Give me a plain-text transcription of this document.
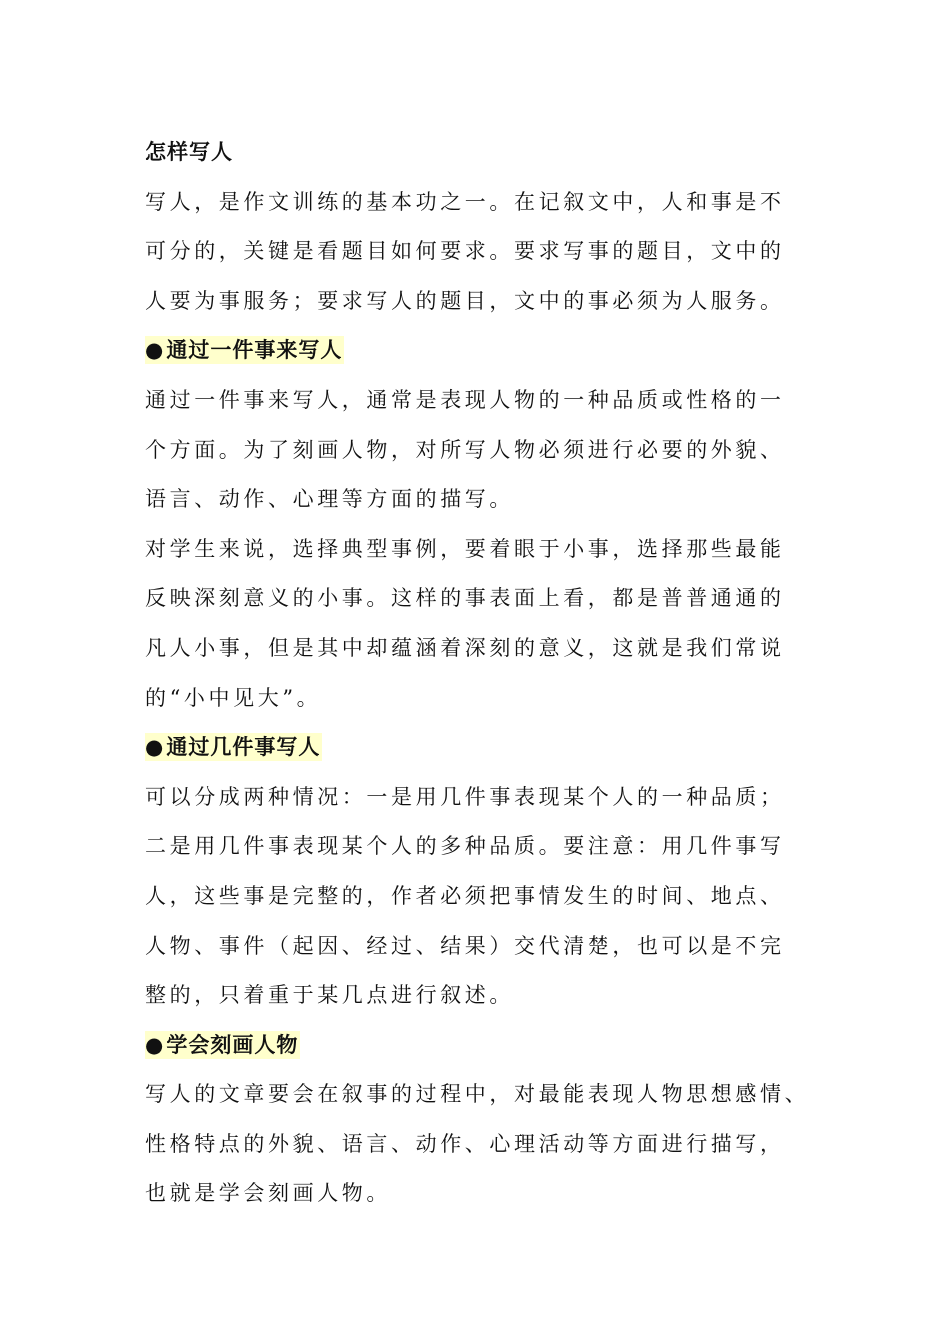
怎样写人
写人，是作文训练的基本功之一。在记叙文中，人和事是不
可分的，关键是看题目如何要求。要求写事的题目，文中的
人要为事服务；要求写人的题目，文中的事必须为人服务。
●通过一件事来写人
通过一件事来写人，通常是表现人物的一种品质或性格的一
个方面。为了刻画人物，对所写人物必须进行必要的外貌、
语言、动作、心理等方面的描写。
对学生来说，选择典型事例，要着眼于小事，选择那些最能
反映深刻意义的小事。这样的事表面上看，都是普普通通的
凡人小事，但是其中却蕴涵着深刻的意义，这就是我们常说
的“小中见大”。
●通过几件事写人
可以分成两种情况：一是用几件事表现某个人的一种品质；
二是用几件事表现某个人的多种品质。要注意：用几件事写
人，这些事是完整的，作者必须把事情发生的时间、地点、
人物、事件（起因、经过、结果）交代清楚，也可以是不完
整的，只着重于某几点进行叙述。
●学会刻画人物
写人的文章要会在叙事的过程中，对最能表现人物思想感情、
性格特点的外貌、语言、动作、心理活动等方面进行描写，
也就是学会刻画人物。
